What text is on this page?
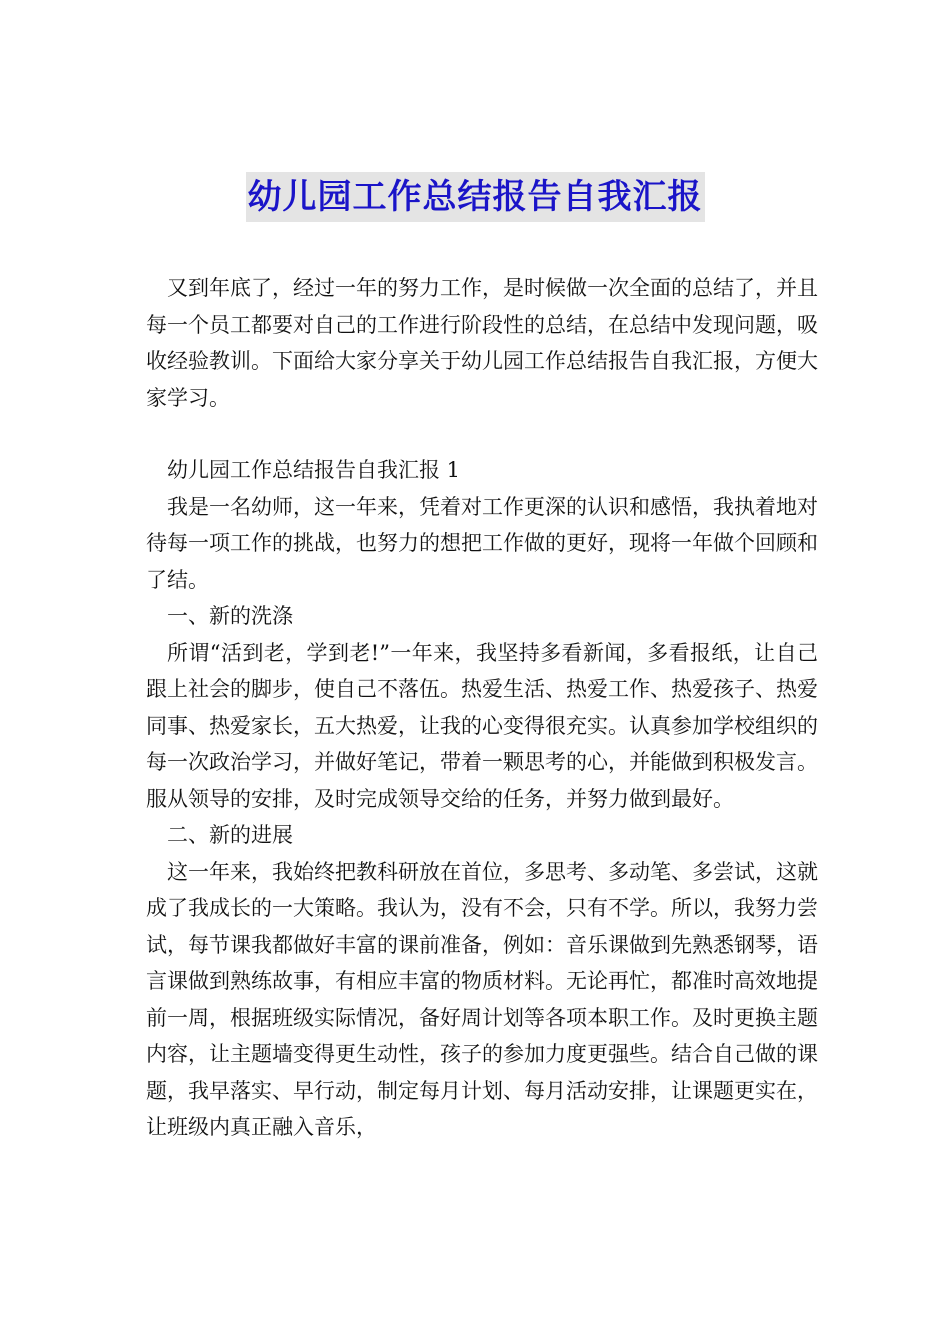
幼儿园工作总结报告自我汇报

又到年底了，经过一年的努力工作，是时候做一次全面的总结了，并且每一个员工都要对自己的工作进行阶段性的总结，在总结中发现问题，吸收经验教训。下面给大家分享关于幼儿园工作总结报告自我汇报，方便大家学习。

幼儿园工作总结报告自我汇报 1

我是一名幼师，这一年来，凭着对工作更深的认识和感悟，我执着地对待每一项工作的挑战，也努力的想把工作做的更好，现将一年做个回顾和了结。

一、新的洗涤

所谓“活到老，学到老!”一年来，我坚持多看新闻，多看报纸，让自己跟上社会的脚步，使自己不落伍。热爱生活、热爱工作、热爱孩子、热爱同事、热爱家长，五大热爱，让我的心变得很充实。认真参加学校组织的每一次政治学习，并做好笔记，带着一颗思考的心，并能做到积极发言。服从领导的安排，及时完成领导交给的任务，并努力做到最好。

二、新的进展

这一年来，我始终把教科研放在首位，多思考、多动笔、多尝试，这就成了我成长的一大策略。我认为，没有不会，只有不学。所以，我努力尝试，每节课我都做好丰富的课前准备，例如：音乐课做到先熟悉钢琴，语言课做到熟练故事，有相应丰富的物质材料。无论再忙，都准时高效地提前一周，根据班级实际情况，备好周计划等各项本职工作。及时更换主题内容，让主题墙变得更生动性，孩子的参加力度更强些。结合自己做的课题，我早落实、早行动，制定每月计划、每月活动安排，让课题更实在，让班级内真正融入音乐，
